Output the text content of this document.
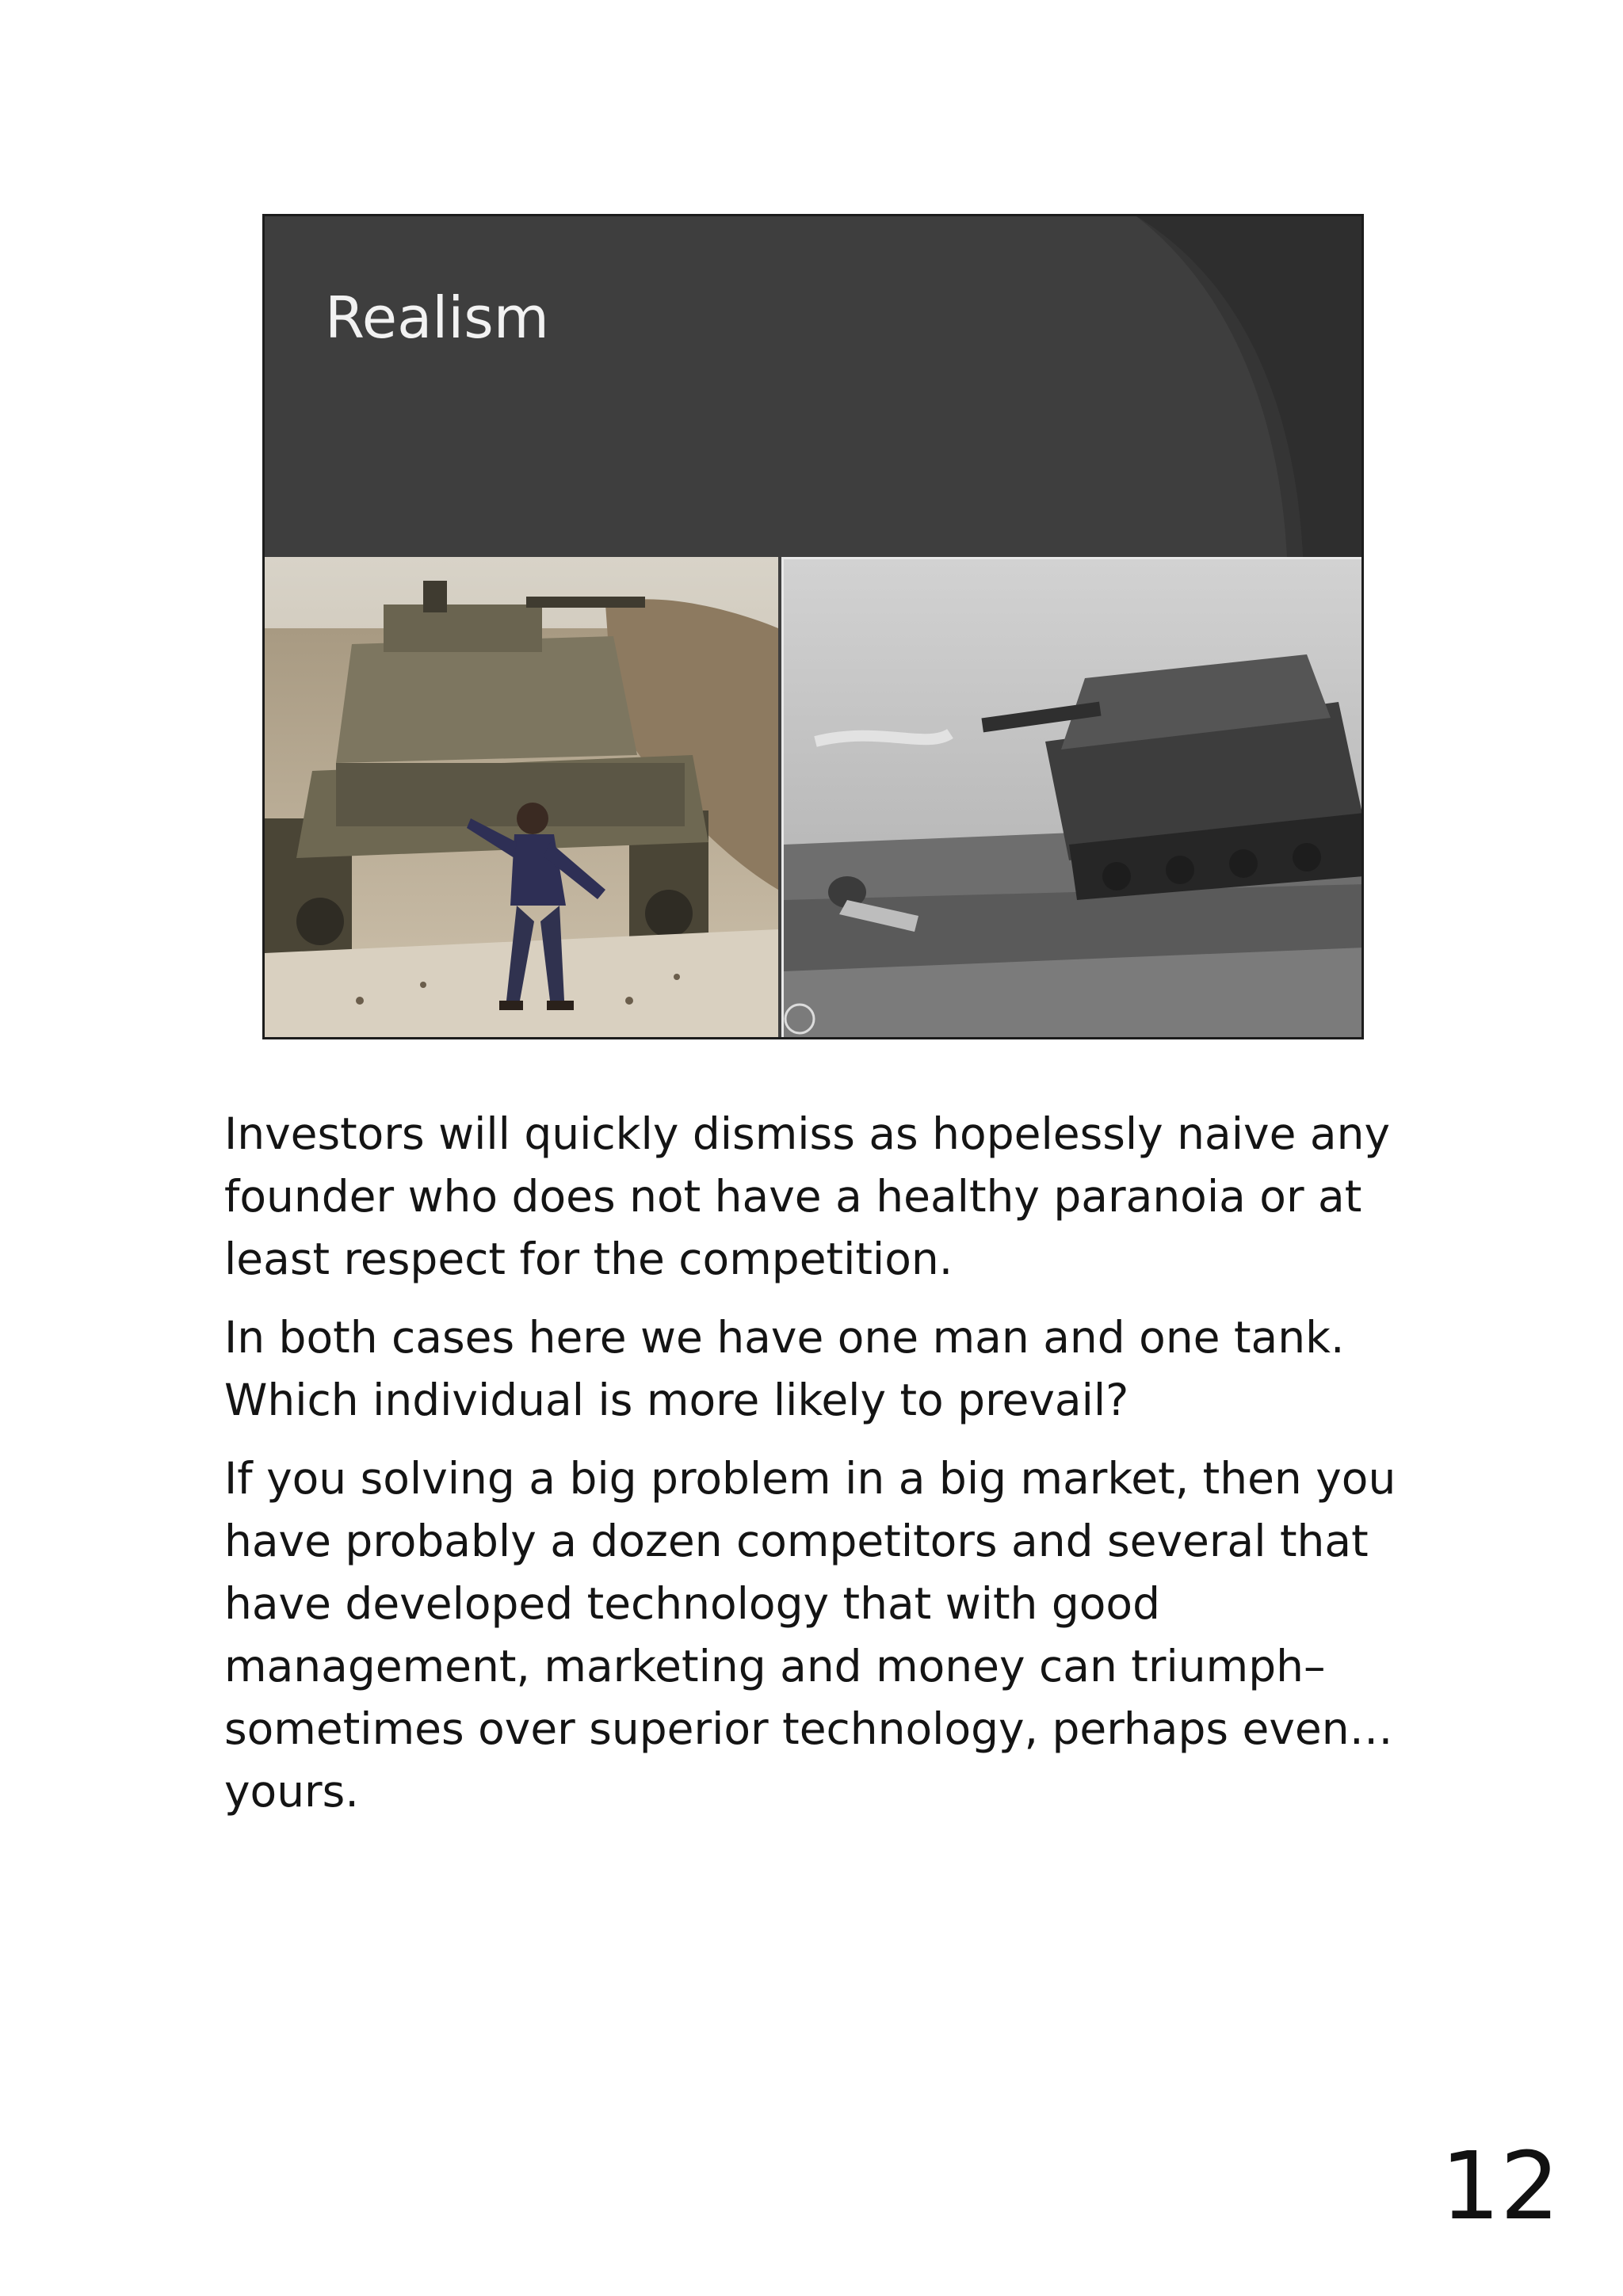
Realism

Investors will quickly dismiss as hopelessly naive any founder who does not have a healthy paranoia or at least respect for the competition.

In both cases here we have one man and one tank. Which individual is more likely to prevail?

If you solving a big problem in a big market, then you have probably a dozen competitors and several that have developed technology that with good management, marketing and money can triumph– sometimes over superior technology, perhaps even…yours.

12
